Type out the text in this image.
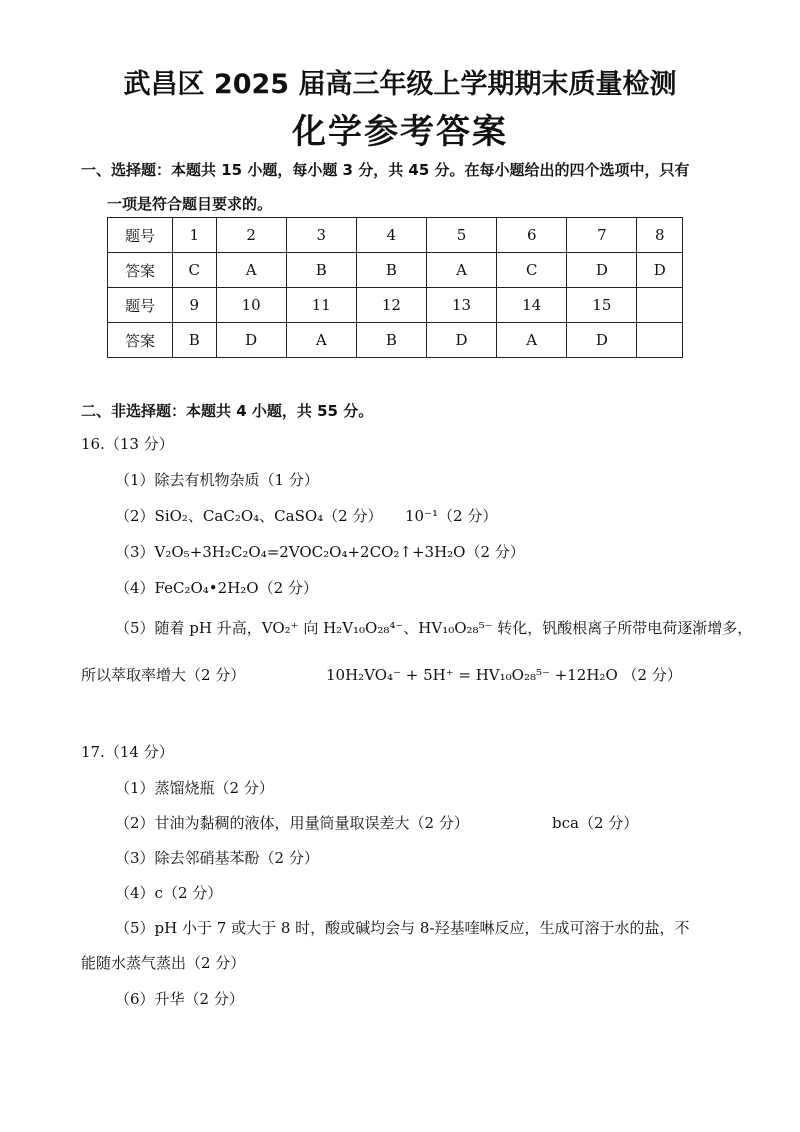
武昌区 2025 届高三年级上学期期末质量检测
化学参考答案
一、选择题：本题共 15 小题，每小题 3 分，共 45 分。在每小题给出的四个选项中，只有
一项是符合题目要求的。
题号	1	2	3	4	5	6	7	8
答案	C	A	B	B	A	C	D	D
题号	9	10	11	12	13	14	15	
答案	B	D	A	B	D	A	D	
二、非选择题：本题共 4 小题，共 55 分。
16.（13 分）
（1）除去有机物杂质（1 分）
（2）SiO₂、CaC₂O₄、CaSO₄（2 分） 10⁻¹（2 分）
（3）V₂O₅+3H₂C₂O₄=2VOC₂O₄+2CO₂↑+3H₂O（2 分）
（4）FeC₂O₄•2H₂O（2 分）
（5）随着 pH 升高，VO₂⁺ 向 H₂V₁₀O₂₈⁴⁻、HV₁₀O₂₈⁵⁻ 转化，钒酸根离子所带电荷逐渐增多，
所以萃取率增大（2 分）	10H₂VO₄⁻ + 5H⁺ = HV₁₀O₂₈⁵⁻ +12H₂O （2 分）
17.（14 分）
（1）蒸馏烧瓶（2 分）
（2）甘油为黏稠的液体，用量筒量取误差大（2 分）	bca（2 分）
（3）除去邻硝基苯酚（2 分）
（4）c（2 分）
（5）pH 小于 7 或大于 8 时，酸或碱均会与 8-羟基喹啉反应，生成可溶于水的盐，不
能随水蒸气蒸出（2 分）
（6）升华（2 分）
